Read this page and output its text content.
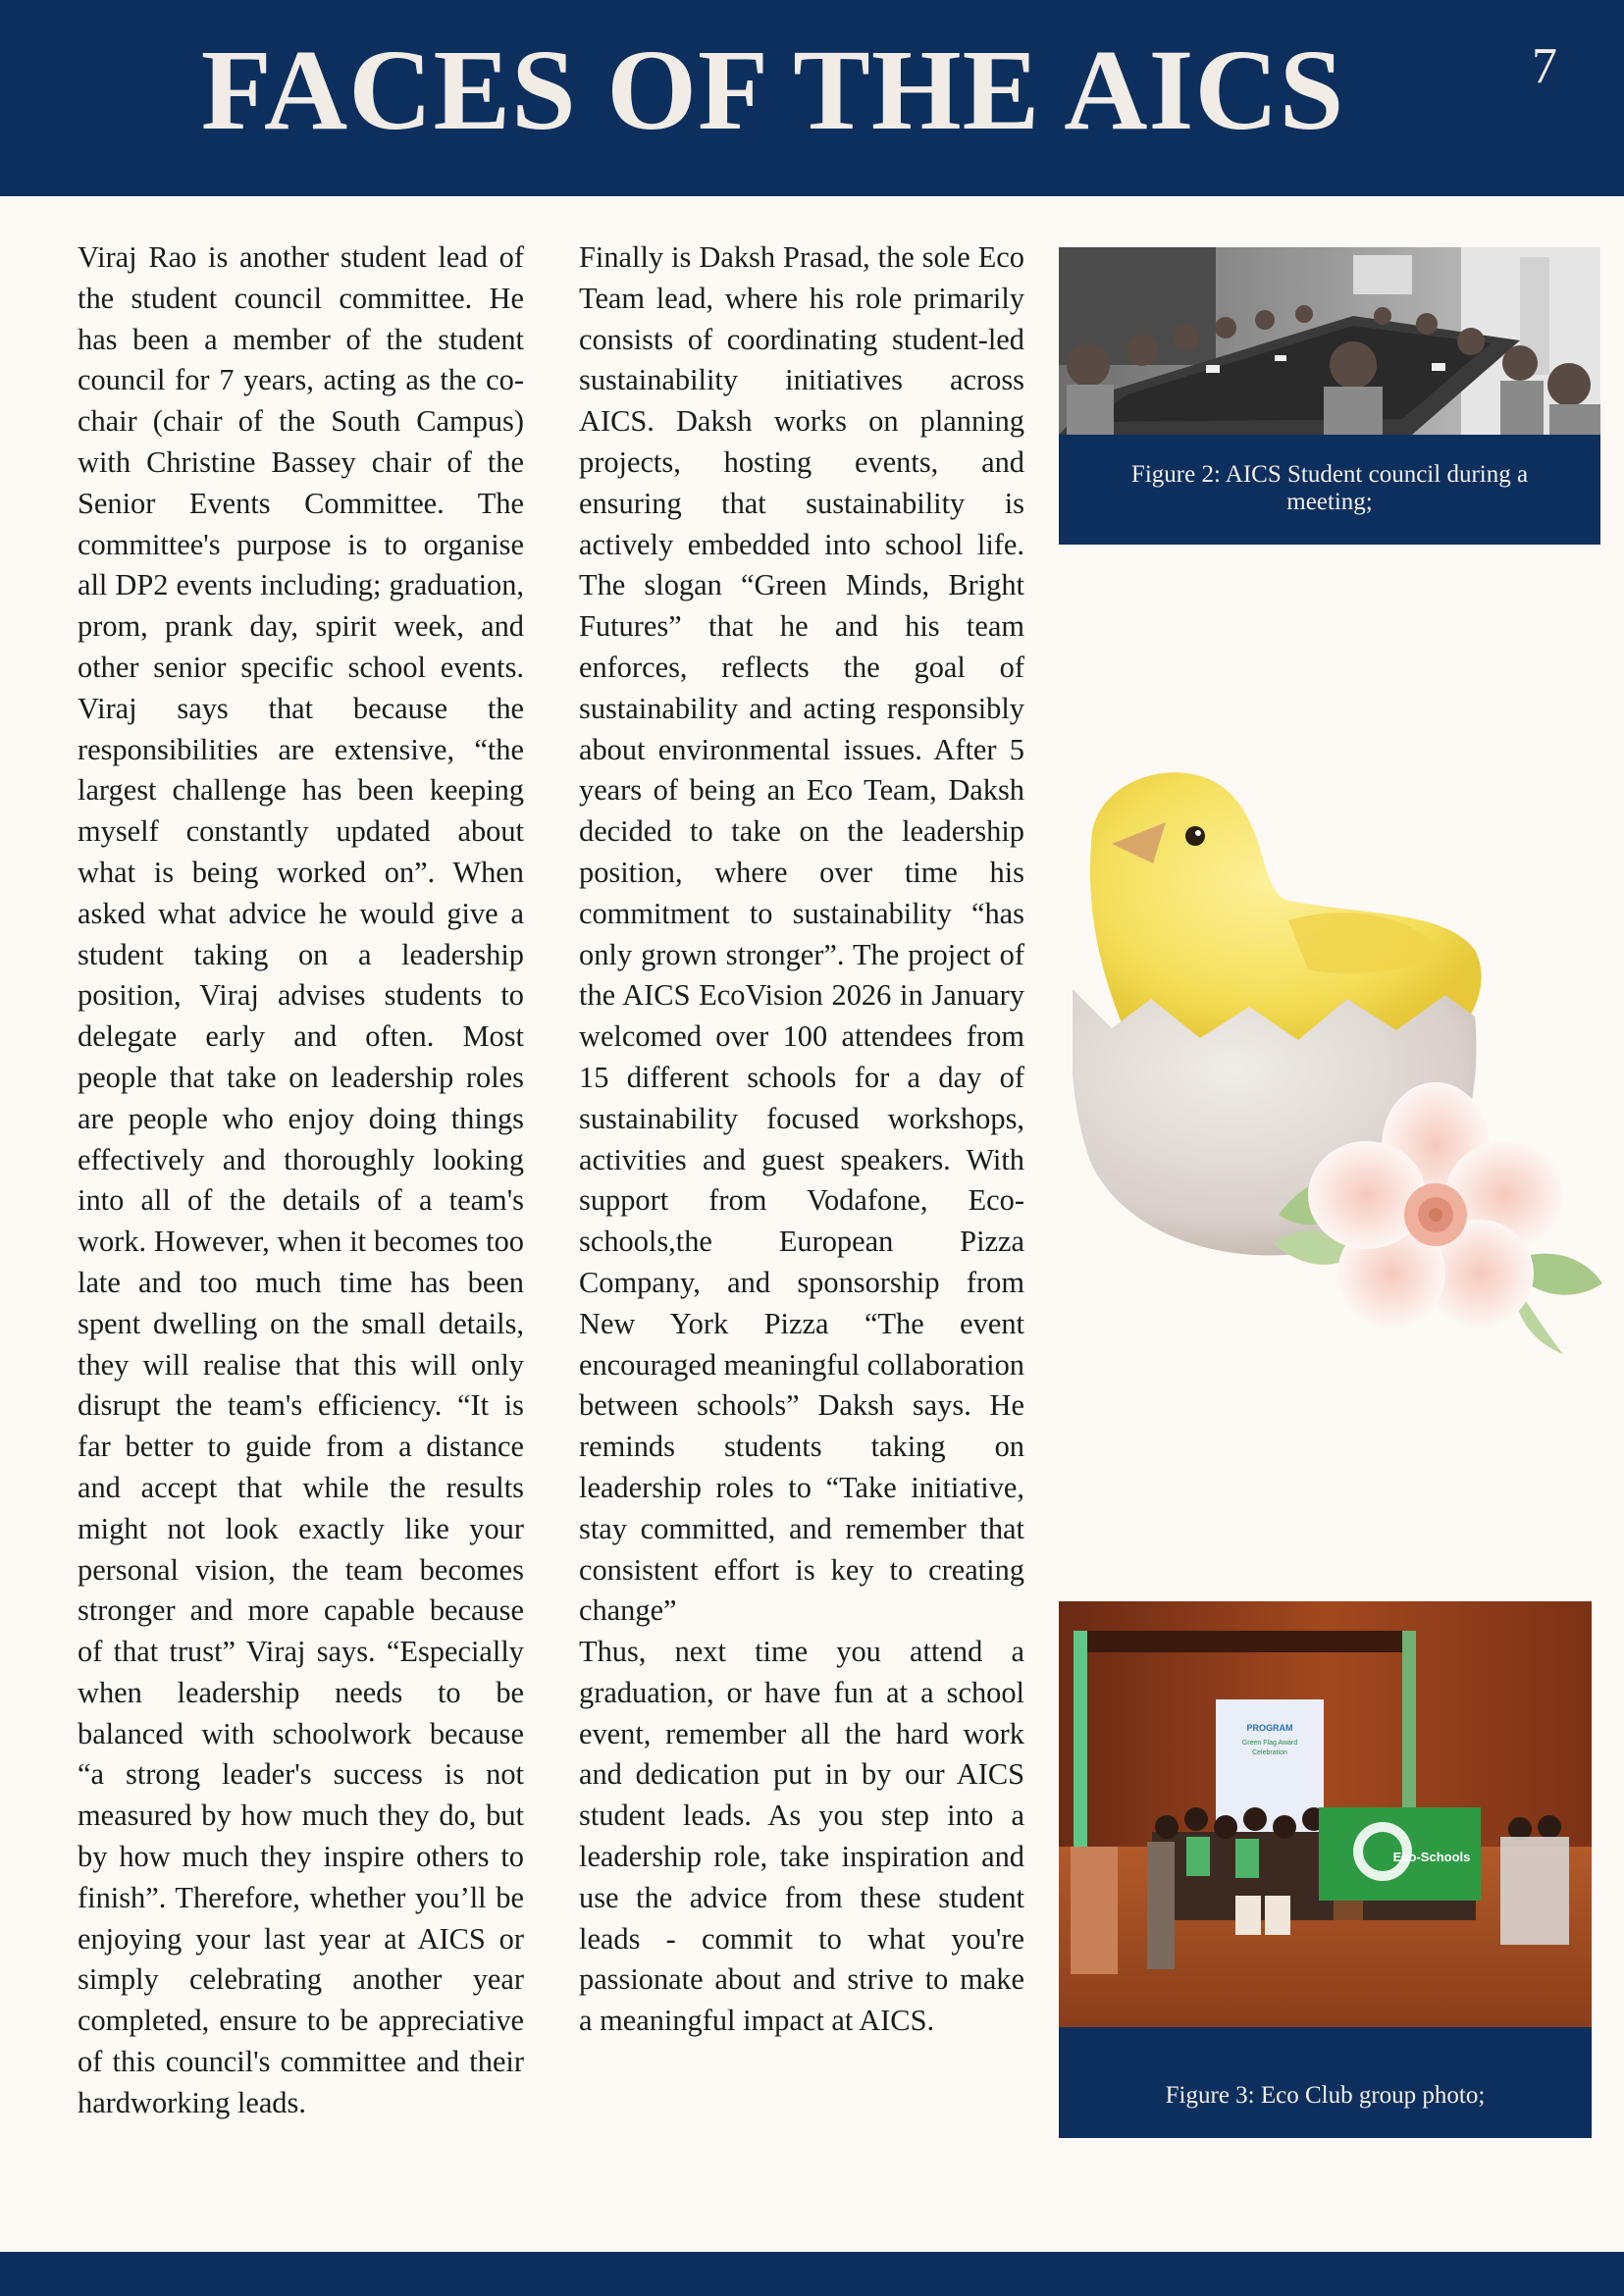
FACES OF THE AICS	7

Viraj Rao is another student lead of the student council committee. He has been a member of the student council for 7 years, acting as the co-chair (chair of the South Campus) with Christine Bassey chair of the Senior Events Committee. The committee's purpose is to organise all DP2 events including; graduation, prom, prank day, spirit week, and other senior specific school events. Viraj says that because the responsibilities are extensive, “the largest challenge has been keeping myself constantly updated about what is being worked on”. When asked what advice he would give a student taking on a leadership position, Viraj advises students to delegate early and often. Most people that take on leadership roles are people who enjoy doing things effectively and thoroughly looking into all of the details of a team's work. However, when it becomes too late and too much time has been spent dwelling on the small details, they will realise that this will only disrupt the team's efficiency. “It is far better to guide from a distance and accept that while the results might not look exactly like your personal vision, the team becomes stronger and more capable because of that trust” Viraj says. “Especially when leadership needs to be balanced with schoolwork because “a strong leader's success is not measured by how much they do, but by how much they inspire others to finish”. Therefore, whether you’ll be enjoying your last year at AICS or simply celebrating another year completed, ensure to be appreciative of this council's committee and their hardworking leads.

Finally is Daksh Prasad, the sole Eco Team lead, where his role primarily consists of coordinating student-led sustainability initiatives across AICS. Daksh works on planning projects, hosting events, and ensuring that sustainability is actively embedded into school life. The slogan “Green Minds, Bright Futures” that he and his team enforces, reflects the goal of sustainability and acting responsibly about environmental issues. After 5 years of being an Eco Team, Daksh decided to take on the leadership position, where over time his commitment to sustainability “has only grown stronger”. The project of the AICS EcoVision 2026 in January welcomed over 100 attendees from 15 different schools for a day of sustainability focused workshops, activities and guest speakers. With support from Vodafone, Eco-schools,the European Pizza Company, and sponsorship from New York Pizza “The event encouraged meaningful collaboration between schools” Daksh says. He reminds students taking on leadership roles to “Take initiative, stay committed, and remember that consistent effort is key to creating change”

Thus, next time you attend a graduation, or have fun at a school event, remember all the hard work and dedication put in by our AICS student leads. As you step into a leadership role, take inspiration and use the advice from these student leads - commit to what you're passionate about and strive to make a meaningful impact at AICS.

Figure 2: AICS Student council during a meeting;
PROGRAM
Green Flag Award
Celebration
Eco-Schools
Figure 3: Eco Club group photo;
